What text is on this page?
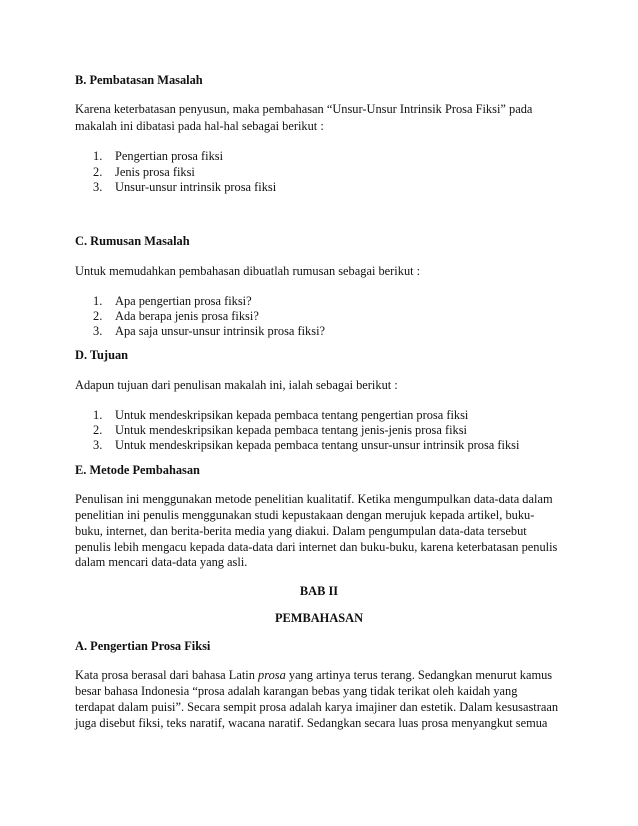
B. Pembatasan Masalah
Karena keterbatasan penyusun, maka pembahasan “Unsur-Unsur Intrinsik Prosa Fiksi” pada
makalah ini dibatasi pada hal-hal sebagai berikut :
1. Pengertian prosa fiksi
2. Jenis prosa fiksi
3. Unsur-unsur intrinsik prosa fiksi
C. Rumusan Masalah
Untuk memudahkan pembahasan dibuatlah rumusan sebagai berikut :
1. Apa pengertian prosa fiksi?
2. Ada berapa jenis prosa fiksi?
3. Apa saja unsur-unsur intrinsik prosa fiksi?
D. Tujuan
Adapun tujuan dari penulisan makalah ini, ialah sebagai berikut :
1. Untuk mendeskripsikan kepada pembaca tentang pengertian prosa fiksi
2. Untuk mendeskripsikan kepada pembaca tentang jenis-jenis prosa fiksi
3. Untuk mendeskripsikan kepada pembaca tentang unsur-unsur intrinsik prosa fiksi
E. Metode Pembahasan
Penulisan ini menggunakan metode penelitian kualitatif. Ketika mengumpulkan data-data dalam
penelitian ini penulis menggunakan studi kepustakaan dengan merujuk kepada artikel, buku-
buku, internet, dan berita-berita media yang diakui. Dalam pengumpulan data-data tersebut
penulis lebih mengacu kepada data-data dari internet dan buku-buku, karena keterbatasan penulis
dalam mencari data-data yang asli.
BAB II
PEMBAHASAN
A. Pengertian Prosa Fiksi
Kata prosa berasal dari bahasa Latin prosa yang artinya terus terang. Sedangkan menurut kamus
besar bahasa Indonesia “prosa adalah karangan bebas yang tidak terikat oleh kaidah yang
terdapat dalam puisi”. Secara sempit prosa adalah karya imajiner dan estetik. Dalam kesusastraan
juga disebut fiksi, teks naratif, wacana naratif. Sedangkan secara luas prosa menyangkut semua
